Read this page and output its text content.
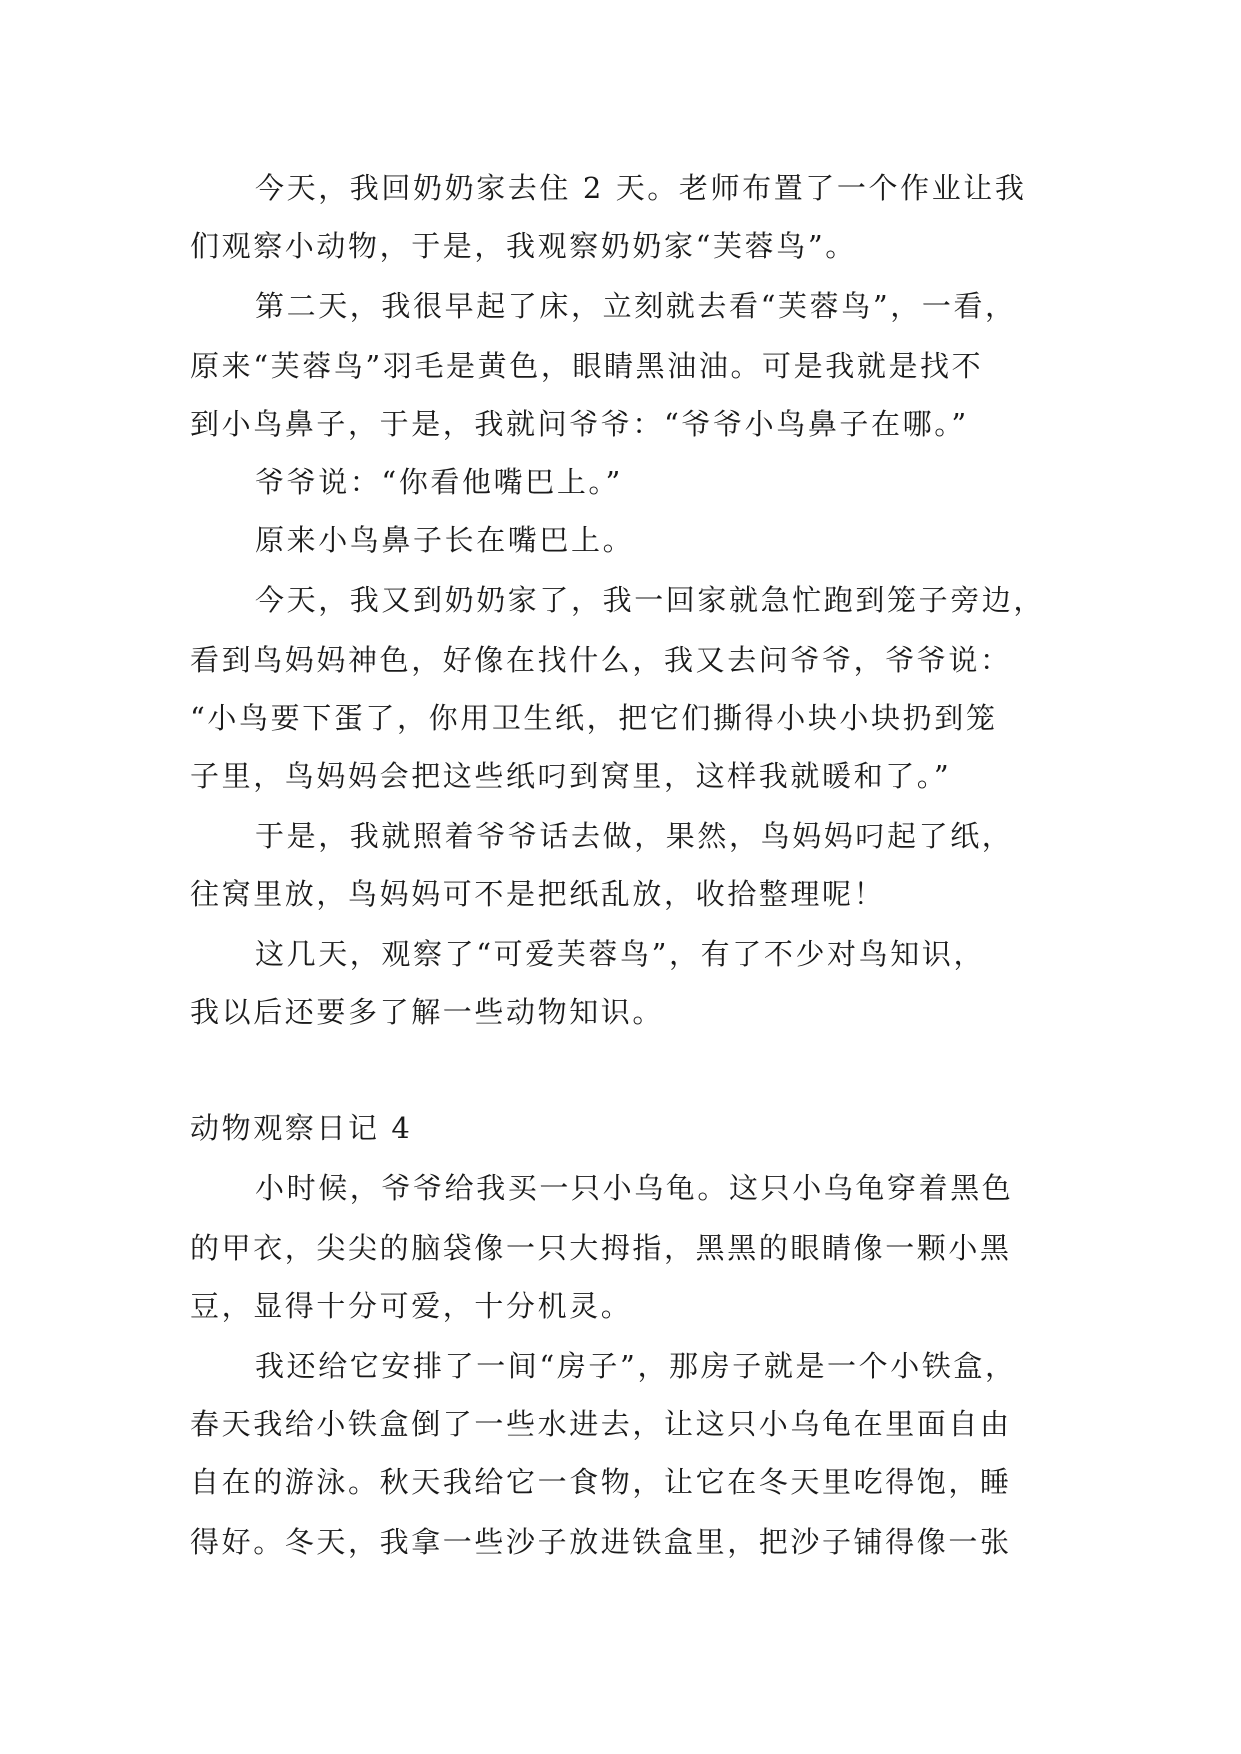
今天，我回奶奶家去住 2 天。老师布置了一个作业让我
们观察小动物，于是，我观察奶奶家“芙蓉鸟”。
第二天，我很早起了床，立刻就去看“芙蓉鸟”，一看，
原来“芙蓉鸟”羽毛是黄色，眼睛黑油油。可是我就是找不
到小鸟鼻子，于是，我就问爷爷：“爷爷小鸟鼻子在哪。”
爷爷说：“你看他嘴巴上。”
原来小鸟鼻子长在嘴巴上。
今天，我又到奶奶家了，我一回家就急忙跑到笼子旁边，
看到鸟妈妈神色，好像在找什么，我又去问爷爷，爷爷说：
“小鸟要下蛋了，你用卫生纸，把它们撕得小块小块扔到笼
子里，鸟妈妈会把这些纸叼到窝里，这样我就暖和了。”
于是，我就照着爷爷话去做，果然，鸟妈妈叼起了纸，
往窝里放，鸟妈妈可不是把纸乱放，收拾整理呢！
这几天，观察了“可爱芙蓉鸟”，有了不少对鸟知识，
我以后还要多了解一些动物知识。
动物观察日记 4
小时候，爷爷给我买一只小乌龟。这只小乌龟穿着黑色
的甲衣，尖尖的脑袋像一只大拇指，黑黑的眼睛像一颗小黑
豆，显得十分可爱，十分机灵。
我还给它安排了一间“房子”，那房子就是一个小铁盒，
春天我给小铁盒倒了一些水进去，让这只小乌龟在里面自由
自在的游泳。秋天我给它一食物，让它在冬天里吃得饱，睡
得好。冬天，我拿一些沙子放进铁盒里，把沙子铺得像一张
